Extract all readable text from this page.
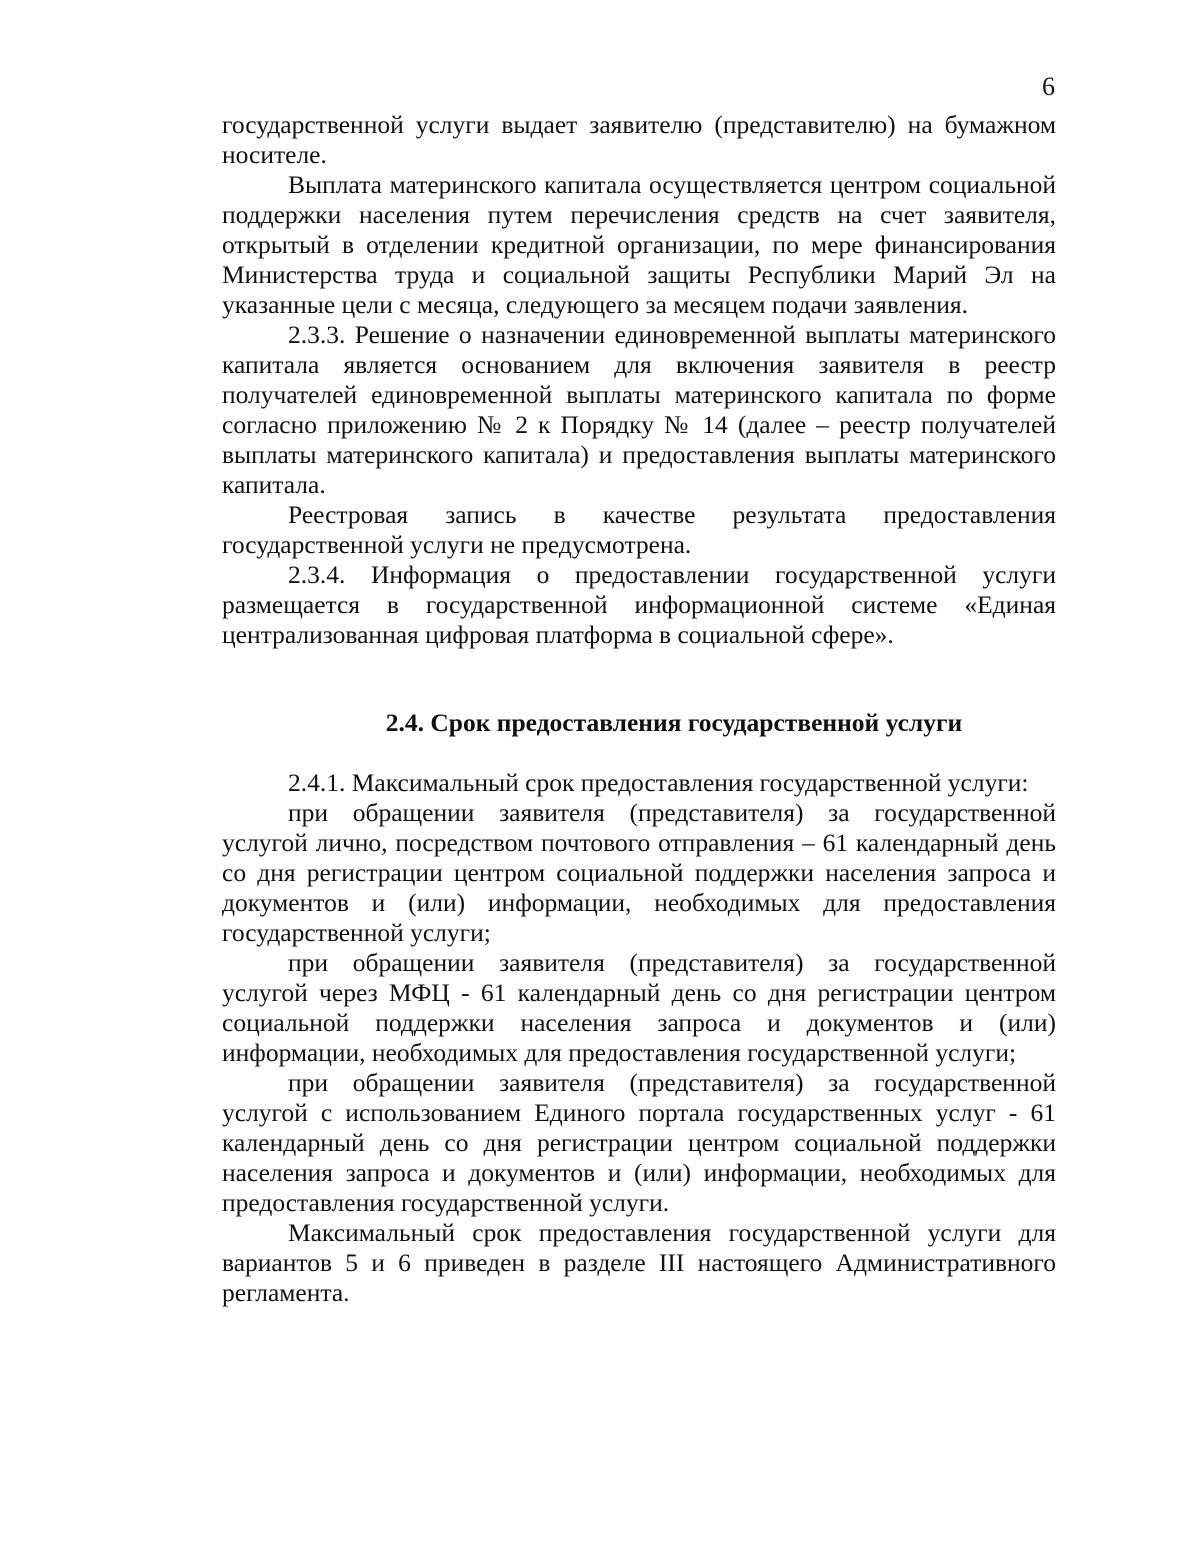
6

государственной услуги выдает заявителю (представителю) на бумажном носителе.

Выплата материнского капитала осуществляется центром социальной поддержки населения путем перечисления средств на счет заявителя, открытый в отделении кредитной организации, по мере финансирования Министерства труда и социальной защиты Республики Марий Эл на указанные цели с месяца, следующего за месяцем подачи заявления.

2.3.3. Решение о назначении единовременной выплаты материнского капитала является основанием для включения заявителя в реестр получателей единовременной выплаты материнского капитала по форме согласно приложению № 2 к Порядку № 14 (далее – реестр получателей выплаты материнского капитала) и предоставления выплаты материнского капитала.

Реестровая запись в качестве результата предоставления государственной услуги не предусмотрена.

2.3.4. Информация о предоставлении государственной услуги размещается в государственной информационной системе «Единая централизованная цифровая платформа в социальной сфере».

2.4. Срок предоставления государственной услуги

2.4.1. Максимальный срок предоставления государственной услуги:

при обращении заявителя (представителя) за государственной услугой лично, посредством почтового отправления – 61 календарный день со дня регистрации центром социальной поддержки населения запроса и документов и (или) информации, необходимых для предоставления государственной услуги;

при обращении заявителя (представителя) за государственной услугой через МФЦ - 61 календарный день со дня регистрации центром социальной поддержки населения запроса и документов и (или) информации, необходимых для предоставления государственной услуги;

при обращении заявителя (представителя) за государственной услугой с использованием Единого портала государственных услуг - 61 календарный день со дня регистрации центром социальной поддержки населения запроса и документов и (или) информации, необходимых для предоставления государственной услуги.

Максимальный срок предоставления государственной услуги для вариантов 5 и 6 приведен в разделе III настоящего Административного регламента.
